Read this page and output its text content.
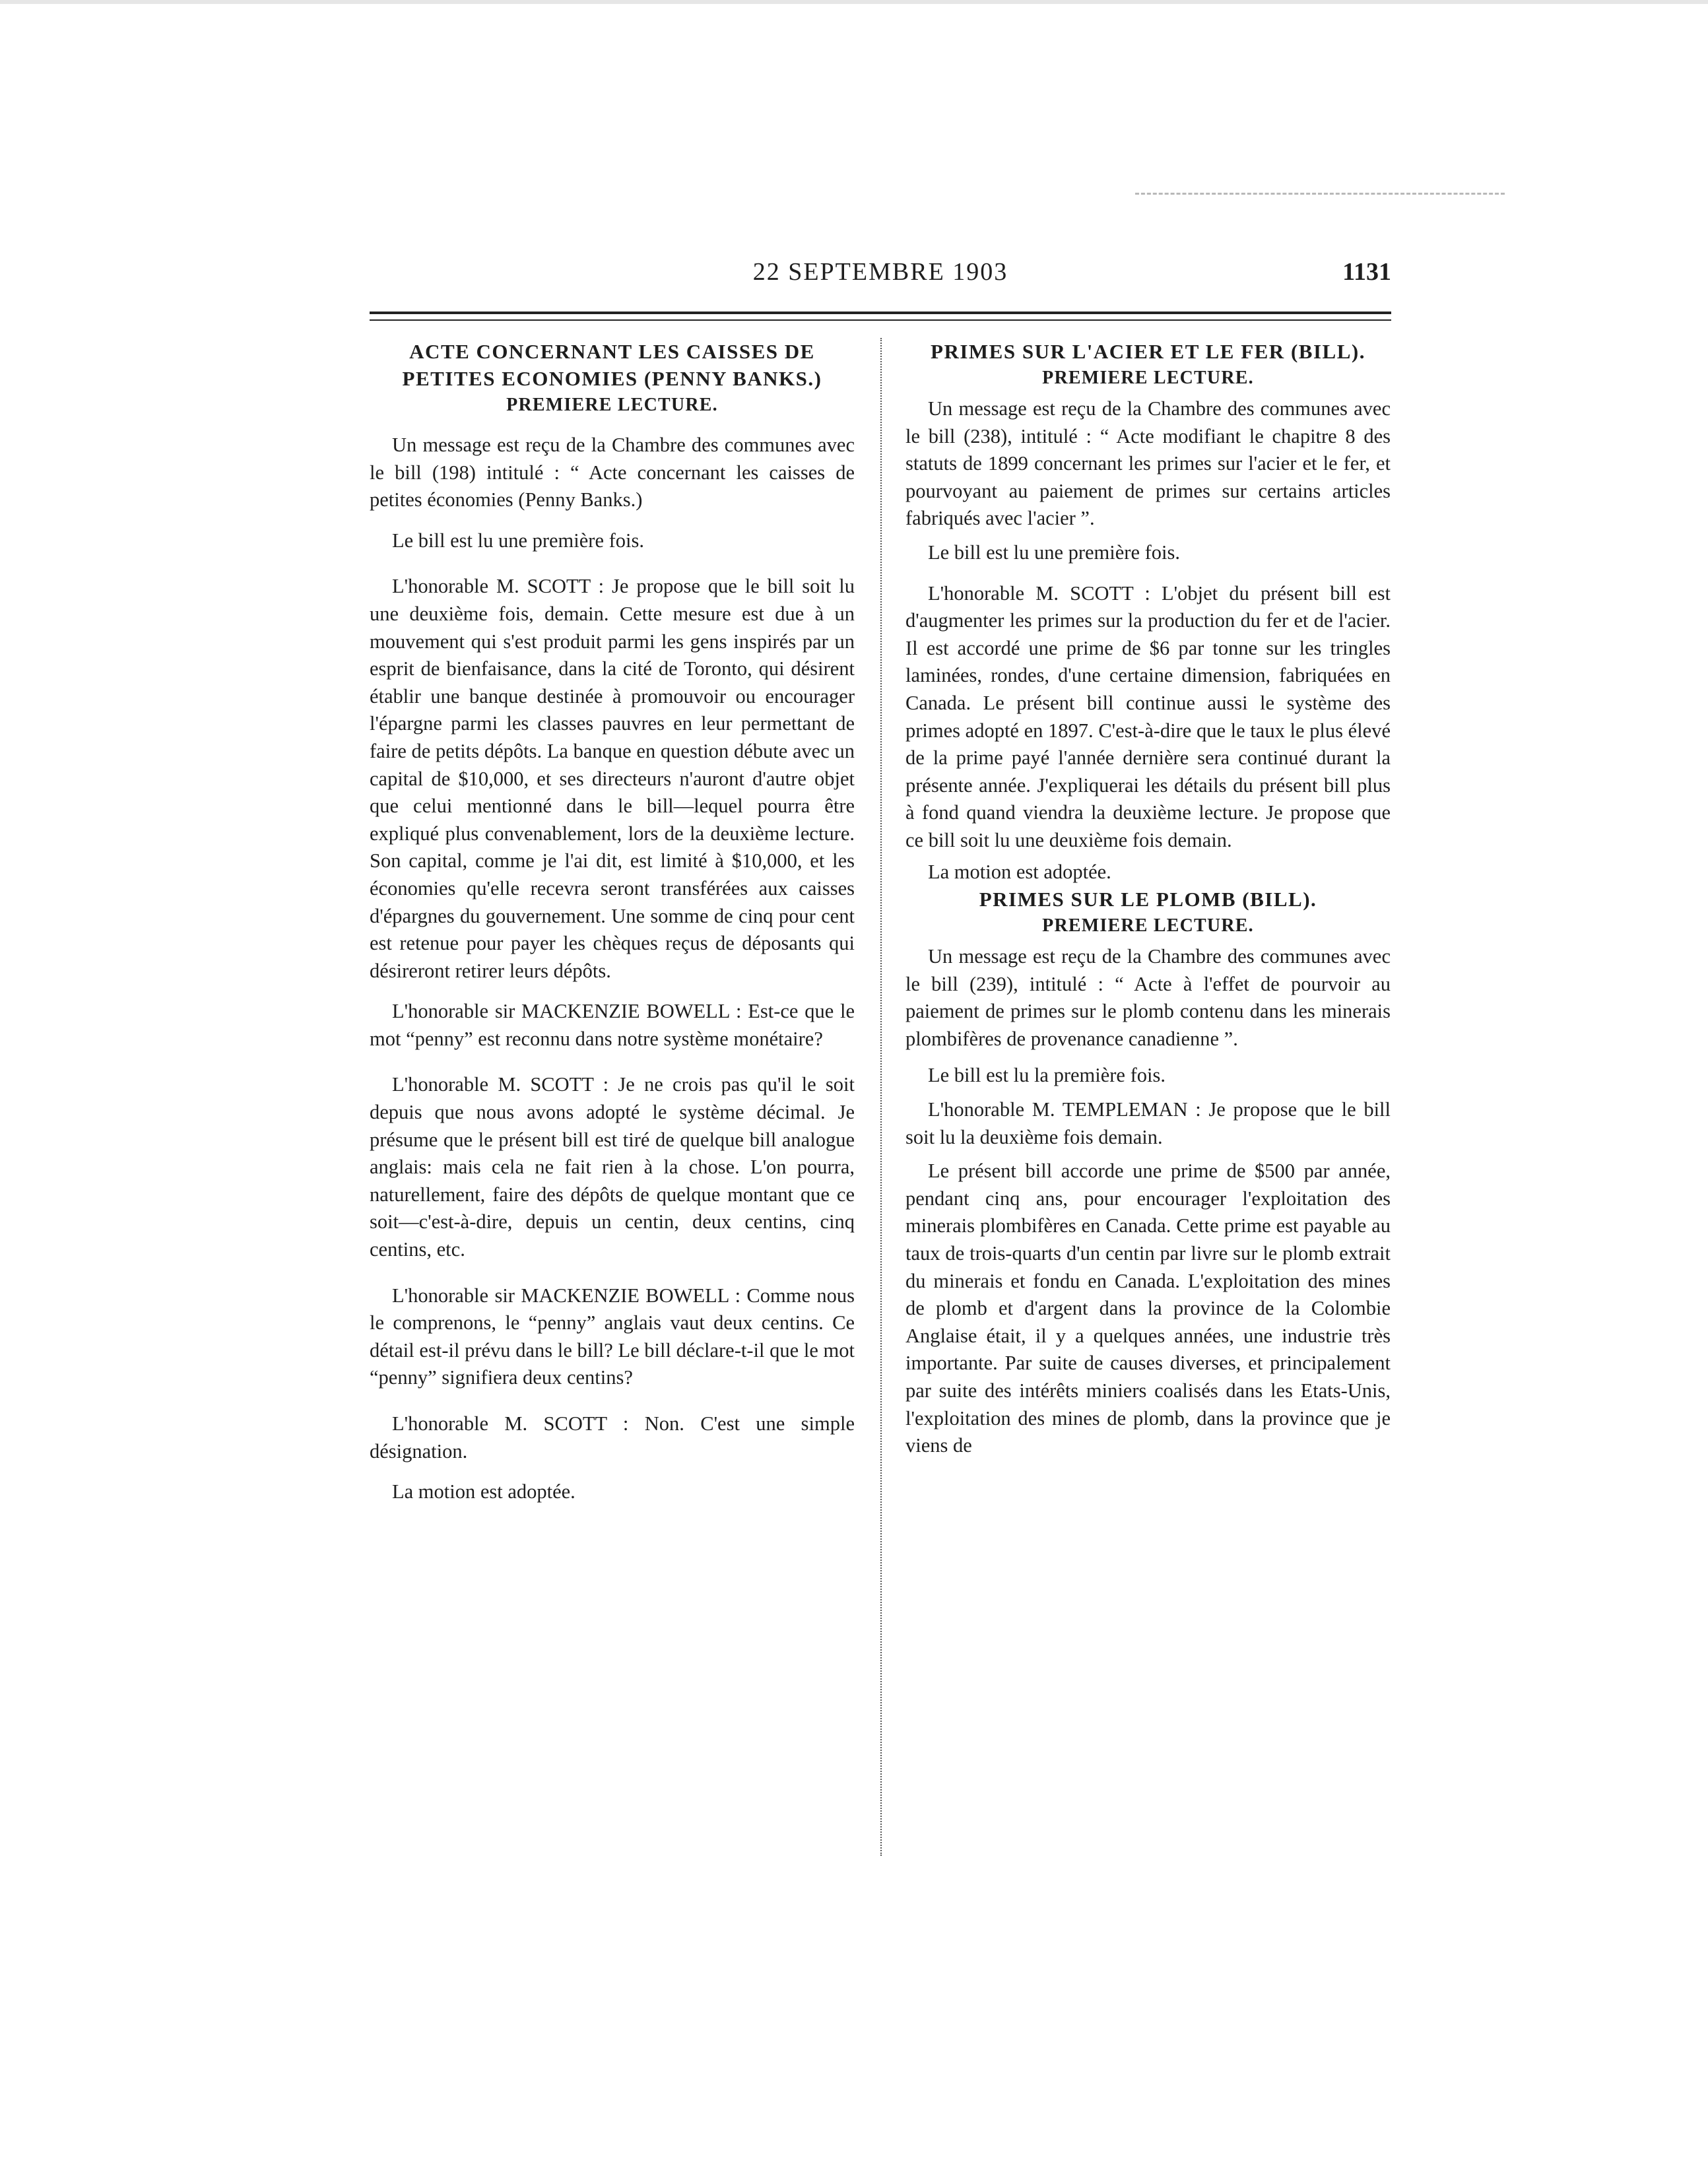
22 SEPTEMBRE 1903	1131
ACTE CONCERNANT LES CAISSES DE PETITES ECONOMIES (PENNY BANKS.)
PREMIERE LECTURE.

Un message est reçu de la Chambre des communes avec le bill (198) intitulé : “ Acte concernant les caisses de petites économies (Penny Banks.)

Le bill est lu une première fois.

L'honorable M. SCOTT : Je propose que le bill soit lu une deuxième fois, demain. Cette mesure est due à un mouvement qui s'est produit parmi les gens inspirés par un esprit de bienfaisance, dans la cité de Toronto, qui désirent établir une banque destinée à promouvoir ou encourager l'épargne parmi les classes pauvres en leur permettant de faire de petits dépôts. La banque en question débute avec un capital de $10,000, et ses directeurs n'auront d'autre objet que celui mentionné dans le bill—lequel pourra être expliqué plus convenablement, lors de la deuxième lecture. Son capital, comme je l'ai dit, est limité à $10,000, et les économies qu'elle recevra seront transférées aux caisses d'épargnes du gouvernement. Une somme de cinq pour cent est retenue pour payer les chèques reçus de déposants qui désireront retirer leurs dépôts.

L'honorable sir MACKENZIE BOWELL : Est-ce que le mot “penny” est reconnu dans notre système monétaire?

L'honorable M. SCOTT : Je ne crois pas qu'il le soit depuis que nous avons adopté le système décimal. Je présume que le présent bill est tiré de quelque bill analogue anglais: mais cela ne fait rien à la chose. L'on pourra, naturellement, faire des dépôts de quelque montant que ce soit—c'est-à-dire, depuis un centin, deux centins, cinq centins, etc.

L'honorable sir MACKENZIE BOWELL : Comme nous le comprenons, le “penny” anglais vaut deux centins. Ce détail est-il prévu dans le bill? Le bill déclare-t-il que le mot “penny” signifiera deux centins?

L'honorable M. SCOTT : Non. C'est une simple désignation.

La motion est adoptée.

PRIMES SUR L'ACIER ET LE FER (BILL).
PREMIERE LECTURE.

Un message est reçu de la Chambre des communes avec le bill (238), intitulé : “ Acte modifiant le chapitre 8 des statuts de 1899 concernant les primes sur l'acier et le fer, et pourvoyant au paiement de primes sur certains articles fabriqués avec l'acier ”.

Le bill est lu une première fois.

L'honorable M. SCOTT : L'objet du présent bill est d'augmenter les primes sur la production du fer et de l'acier. Il est accordé une prime de $6 par tonne sur les tringles laminées, rondes, d'une certaine dimension, fabriquées en Canada. Le présent bill continue aussi le système des primes adopté en 1897. C'est-à-dire que le taux le plus élevé de la prime payé l'année dernière sera continué durant la présente année. J'expliquerai les détails du présent bill plus à fond quand viendra la deuxième lecture. Je propose que ce bill soit lu une deuxième fois demain.

La motion est adoptée.

PRIMES SUR LE PLOMB (BILL).
PREMIERE LECTURE.

Un message est reçu de la Chambre des communes avec le bill (239), intitulé : “ Acte à l'effet de pourvoir au paiement de primes sur le plomb contenu dans les minerais plombifères de provenance canadienne ”.

Le bill est lu la première fois.

L'honorable M. TEMPLEMAN : Je propose que le bill soit lu la deuxième fois demain.

Le présent bill accorde une prime de $500 par année, pendant cinq ans, pour encourager l'exploitation des minerais plombifères en Canada. Cette prime est payable au taux de trois-quarts d'un centin par livre sur le plomb extrait du minerais et fondu en Canada. L'exploitation des mines de plomb et d'argent dans la province de la Colombie Anglaise était, il y a quelques années, une industrie très importante. Par suite de causes diverses, et principalement par suite des intérêts miniers coalisés dans les Etats-Unis, l'exploitation des mines de plomb, dans la province que je viens de
